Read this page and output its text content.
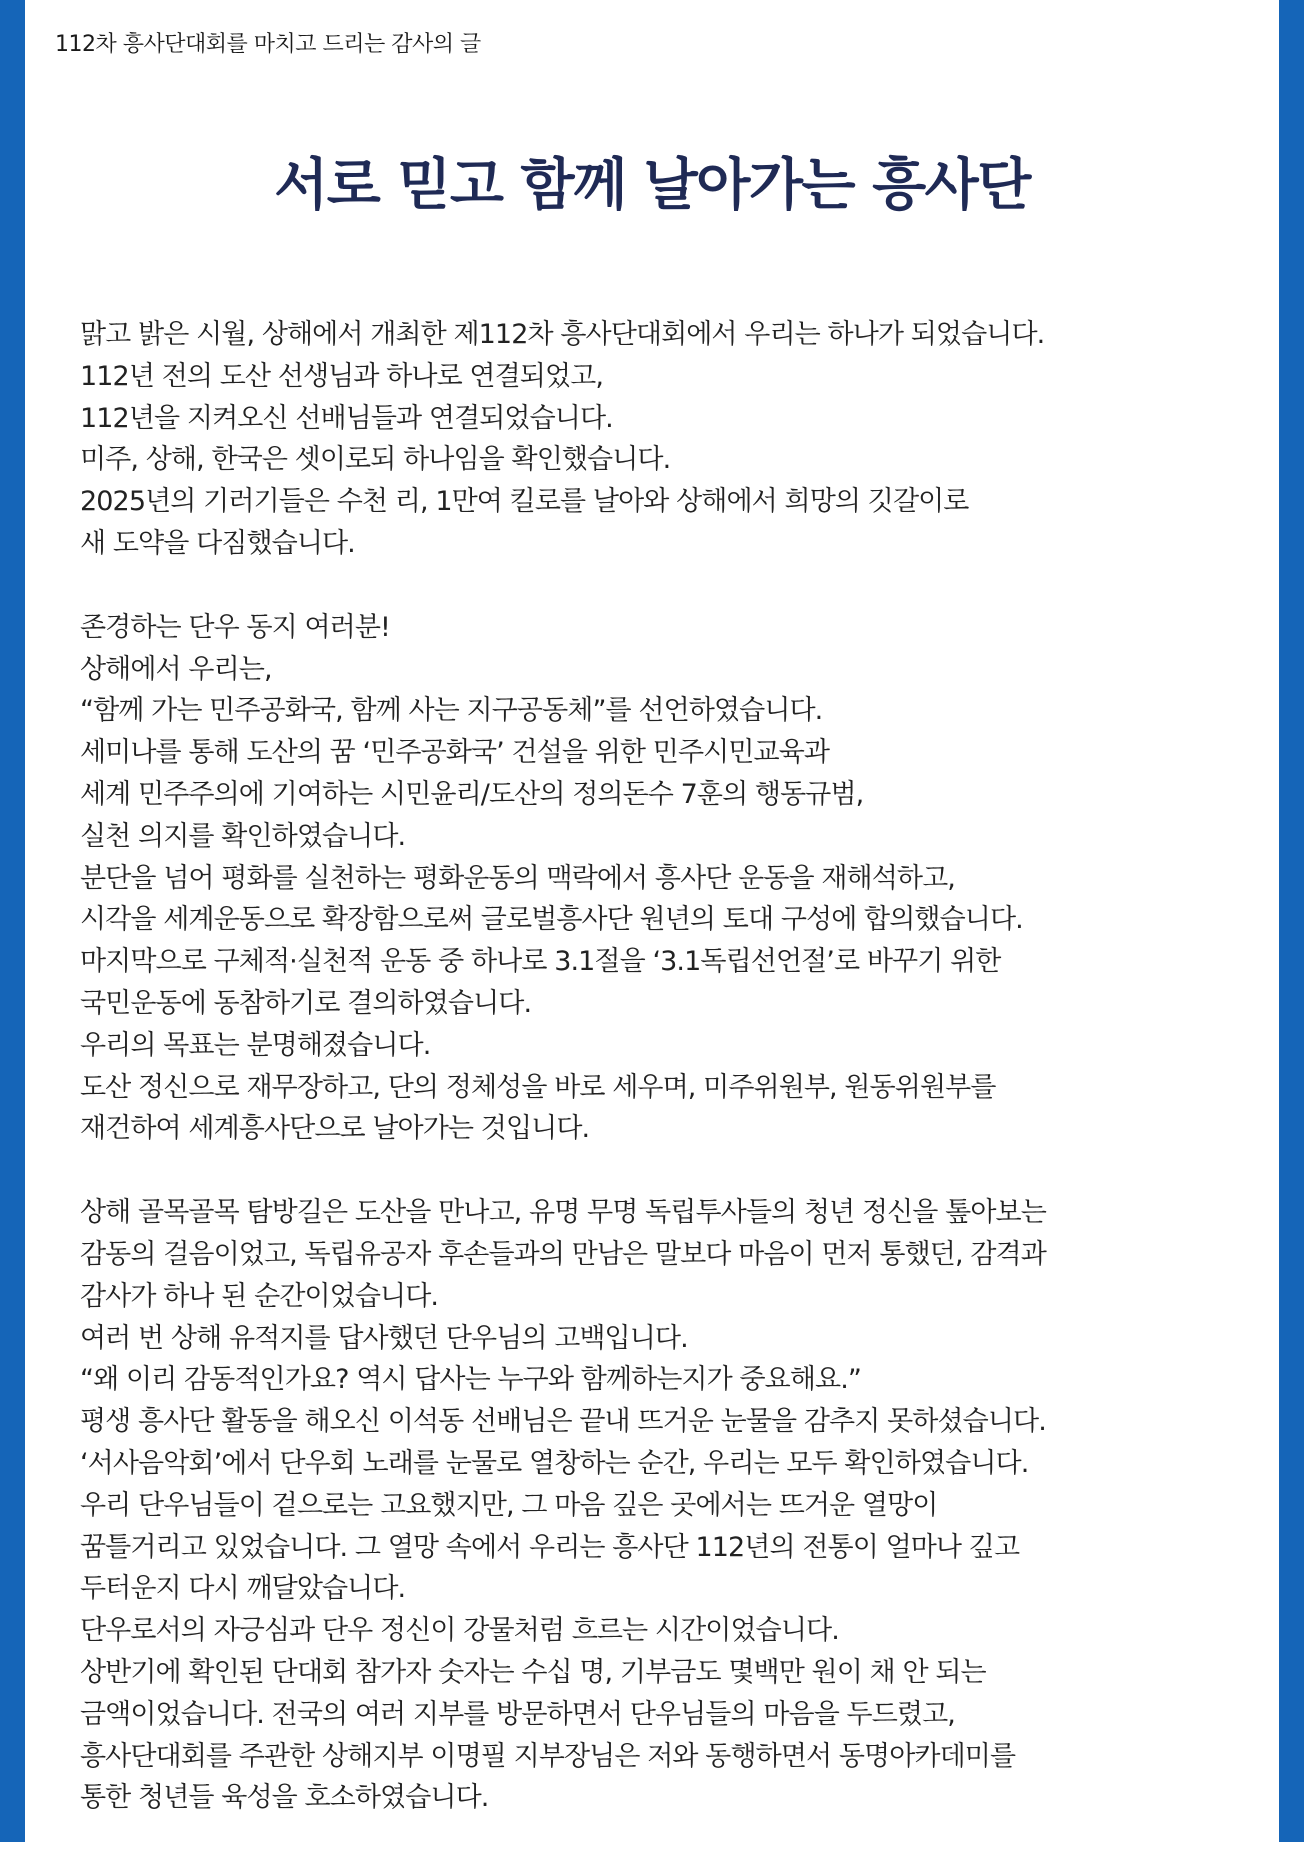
112차 흥사단대회를 마치고 드리는 감사의 글
서로 믿고 함께 날아가는 흥사단
맑고 밝은 시월, 상해에서 개최한 제112차 흥사단대회에서 우리는 하나가 되었습니다.
112년 전의 도산 선생님과 하나로 연결되었고,
112년을 지켜오신 선배님들과 연결되었습니다.
미주, 상해, 한국은 셋이로되 하나임을 확인했습니다.
2025년의 기러기들은 수천 리, 1만여 킬로를 날아와 상해에서 희망의 깃갈이로
새 도약을 다짐했습니다.
존경하는 단우 동지 여러분!
상해에서 우리는,
“함께 가는 민주공화국, 함께 사는 지구공동체”를 선언하였습니다.
세미나를 통해 도산의 꿈 ‘민주공화국’ 건설을 위한 민주시민교육과
세계 민주주의에 기여하는 시민윤리/도산의 정의돈수 7훈의 행동규범,
실천 의지를 확인하였습니다.
분단을 넘어 평화를 실천하는 평화운동의 맥락에서 흥사단 운동을 재해석하고,
시각을 세계운동으로 확장함으로써 글로벌흥사단 원년의 토대 구성에 합의했습니다.
마지막으로 구체적·실천적 운동 중 하나로 3.1절을 ‘3.1독립선언절’로 바꾸기 위한
국민운동에 동참하기로 결의하였습니다.
우리의 목표는 분명해졌습니다.
도산 정신으로 재무장하고, 단의 정체성을 바로 세우며, 미주위원부, 원동위원부를
재건하여 세계흥사단으로 날아가는 것입니다.
상해 골목골목 탐방길은 도산을 만나고, 유명 무명 독립투사들의 청년 정신을 톺아보는
감동의 걸음이었고, 독립유공자 후손들과의 만남은 말보다 마음이 먼저 통했던, 감격과
감사가 하나 된 순간이었습니다.
여러 번 상해 유적지를 답사했던 단우님의 고백입니다.
“왜 이리 감동적인가요? 역시 답사는 누구와 함께하는지가 중요해요.”
평생 흥사단 활동을 해오신 이석동 선배님은 끝내 뜨거운 눈물을 감추지 못하셨습니다.
‘서사음악회’에서 단우회 노래를 눈물로 열창하는 순간, 우리는 모두 확인하였습니다.
우리 단우님들이 겉으로는 고요했지만, 그 마음 깊은 곳에서는 뜨거운 열망이
꿈틀거리고 있었습니다. 그 열망 속에서 우리는 흥사단 112년의 전통이 얼마나 깊고
두터운지 다시 깨달았습니다.
단우로서의 자긍심과 단우 정신이 강물처럼 흐르는 시간이었습니다.
상반기에 확인된 단대회 참가자 숫자는 수십 명, 기부금도 몇백만 원이 채 안 되는
금액이었습니다. 전국의 여러 지부를 방문하면서 단우님들의 마음을 두드렸고,
흥사단대회를 주관한 상해지부 이명필 지부장님은 저와 동행하면서 동명아카데미를
통한 청년들 육성을 호소하였습니다.
